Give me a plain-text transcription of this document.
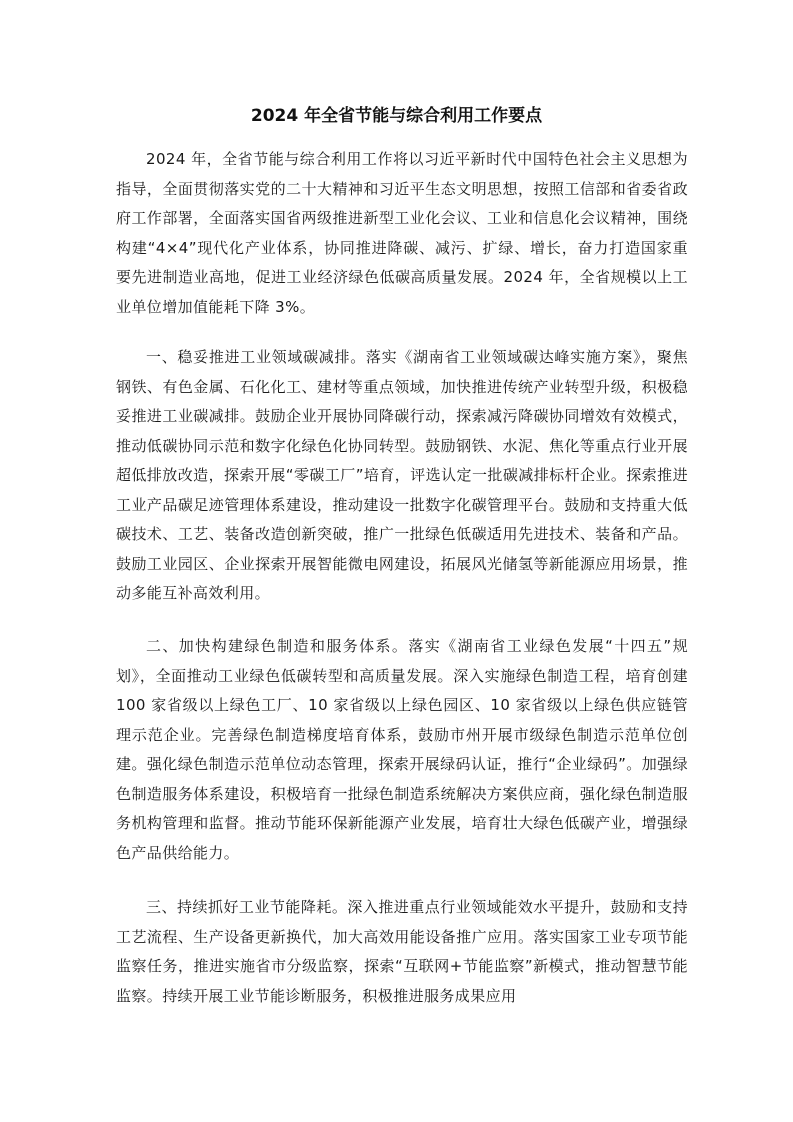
2024 年全省节能与综合利用工作要点

2024 年，全省节能与综合利用工作将以习近平新时代中国特色社会主义思想为指导，全面贯彻落实党的二十大精神和习近平生态文明思想，按照工信部和省委省政府工作部署，全面落实国省两级推进新型工业化会议、工业和信息化会议精神，围绕构建“4×4”现代化产业体系，协同推进降碳、减污、扩绿、增长，奋力打造国家重要先进制造业高地，促进工业经济绿色低碳高质量发展。2024 年，全省规模以上工业单位增加值能耗下降 3%。

一、稳妥推进工业领域碳减排。落实《湖南省工业领域碳达峰实施方案》，聚焦钢铁、有色金属、石化化工、建材等重点领域，加快推进传统产业转型升级，积极稳妥推进工业碳减排。鼓励企业开展协同降碳行动，探索减污降碳协同增效有效模式，推动低碳协同示范和数字化绿色化协同转型。鼓励钢铁、水泥、焦化等重点行业开展超低排放改造，探索开展“零碳工厂”培育，评选认定一批碳减排标杆企业。探索推进工业产品碳足迹管理体系建设，推动建设一批数字化碳管理平台。鼓励和支持重大低碳技术、工艺、装备改造创新突破，推广一批绿色低碳适用先进技术、装备和产品。鼓励工业园区、企业探索开展智能微电网建设，拓展风光储氢等新能源应用场景，推动多能互补高效利用。

二、加快构建绿色制造和服务体系。落实《湖南省工业绿色发展“十四五”规划》，全面推动工业绿色低碳转型和高质量发展。深入实施绿色制造工程，培育创建 100 家省级以上绿色工厂、10 家省级以上绿色园区、10 家省级以上绿色供应链管理示范企业。完善绿色制造梯度培育体系，鼓励市州开展市级绿色制造示范单位创建。强化绿色制造示范单位动态管理，探索开展绿码认证，推行“企业绿码”。加强绿色制造服务体系建设，积极培育一批绿色制造系统解决方案供应商，强化绿色制造服务机构管理和监督。推动节能环保新能源产业发展，培育壮大绿色低碳产业，增强绿色产品供给能力。

三、持续抓好工业节能降耗。深入推进重点行业领域能效水平提升，鼓励和支持工艺流程、生产设备更新换代，加大高效用能设备推广应用。落实国家工业专项节能监察任务，推进实施省市分级监察，探索“互联网+节能监察”新模式，推动智慧节能监察。持续开展工业节能诊断服务，积极推进服务成果应用
